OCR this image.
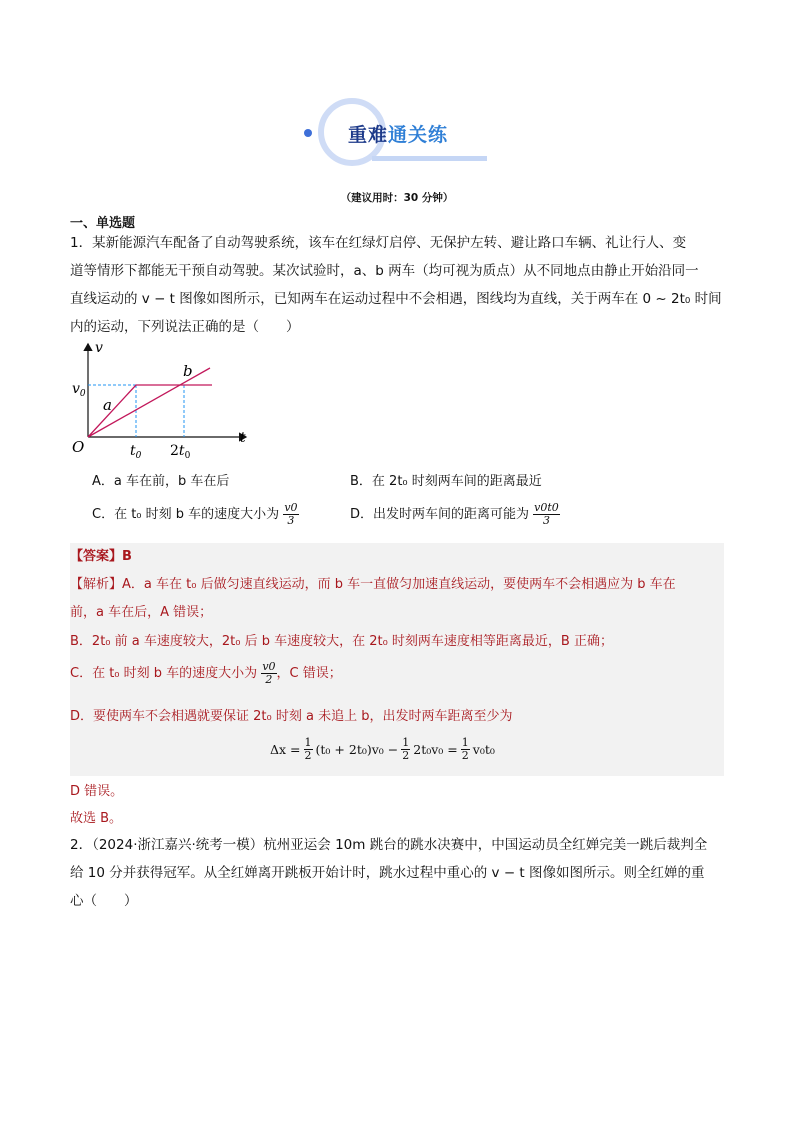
重难通关练
（建议用时：30 分钟）
一、单选题
1．某新能源汽车配备了自动驾驶系统，该车在红绿灯启停、无保护左转、避让路口车辆、礼让行人、变
道等情形下都能无干预自动驾驶。某次试验时，a、b 两车（均可视为质点）从不同地点由静止开始沿同一
直线运动的 v − t 图像如图所示，已知两车在运动过程中不会相遇，图线均为直线，关于两车在 0 ~ 2t₀ 时间
内的运动，下列说法正确的是（　　）
v
t
O
$v_0$
$t_0$ $2t_0$
a
b
A．a 车在前，b 车在后	B．在 2t₀ 时刻两车间的距离最近
C．在 t₀ 时刻 b 车的速度大小为 $\frac{v0}{3}$	D．出发时两车间的距离可能为 $\frac{v0t0}{3}$
【答案】B
【解析】A．a 车在 t₀ 后做匀速直线运动，而 b 车一直做匀加速直线运动，要使两车不会相遇应为 b 车在
前，a 车在后，A 错误；
B．2t₀ 前 a 车速度较大，2t₀ 后 b 车速度较大，在 2t₀ 时刻两车速度相等距离最近，B 正确；
C．在 t₀ 时刻 b 车的速度大小为 $\frac{v0}{2}$ ，C 错误；
D．要使两车不会相遇就要保证 2t₀ 时刻 a 未追上 b，出发时两车距离至少为
$\Delta x = \frac{1}{2} (t_0 + 2t_0)v_0 - \frac{1}{2} 2t_0v_0 = \frac{1}{2} v_0t_0$
D 错误。
故选 B。
2．（2024·浙江嘉兴·统考一模）杭州亚运会 10m 跳台的跳水决赛中，中国运动员全红婵完美一跳后裁判全
给 10 分并获得冠军。从全红婵离开跳板开始计时，跳水过程中重心的 v − t 图像如图所示。则全红婵的重
心（　　）
